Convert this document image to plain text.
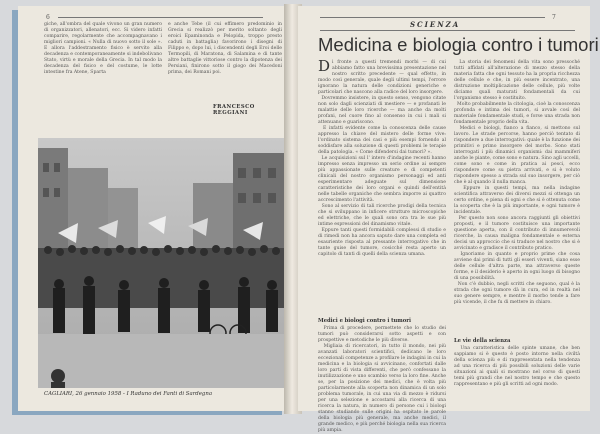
6
giche, all'ombra del quale vivono un gran numero di organizzatori, allenatori, ecc. Si videro infatti comparire, regolarmente che accompagnavano i migliori campioni. « Nulla di nuovo sotto il sole ». E allora l'addestramento fisico è servito alla decadenza e contemporaneamente si indebolivano Stato, virtù e morale della Grecia. In tal modo la decadenza del fisico e del costume, le lotte intestine fra Atene, Sparta
e anche Tebe (il cui effimero predominio in Grecia si realizzò per merito soltanto degli eroici Epaminonda e Pelopida, troppo presto caduti in battaglia) favorirono i disegni di Filippo e, dopo lui, i discendenti degli Eroi delle Termopili, di Maratona, di Salamina e di tante altre battaglie vittoriose contro la dipotenza dei Persiani, finirono sotto il giogo dei Macedoni prima, dei Romani poi.
FRANCESCO REGGIANI
CAGLIARI, 26 gennaio 1958 - I Raduno dei Fanti di Sardegna
7
SCIENZA
Medicina e biologia contro i tumori
D i fronte a questi tremendi morbi — di cui abbiamo fatto una brevissima presentazione nel nostro scritto precedente — qual effetto, in modo così generale, quale degli ultimi tempi, l'errore ignorano la natura delle condizioni generiche e particolari che nascono alla radice del loro insorgere.
Dovremmo insistere, in questo senso, vengono citate non solo dagli scienziati di mestiere — e profanati le malattie delle loro ricerche — ma anche da molti profani, nel cuore fino al consenso in cui i mali si attenuano e guariscono.
E infatti evidente come la conoscenza delle cause appresso la chiave del mistero delle forme vive: l'ordinato sistema dei casi e più esempi fornendo al soddisfare alla soluzione di questi problemi le terapie della patologia. « Come difendersi dai tumori? ».
Le acquisizioni sul l' intero d'indagine recenti hanno impresso senza impresso un serio ordine ai sempre più appassionate sulle creature e di competenti clinicali del nostro organismo personaggi ed anti esperimentare adeguate sul dimensione caratteristiche dei loro organi e quindi dell'entità nelle tabelle organiche che sembra imporre ai quattro accrescimento l'attività.
Sono al servizio di tali ricerche prodigi della tecnica che si sviluppano in inficere strutture microscopiche ed elettriche, che le quali sono ora tra le sue più intime espressioni del dinamismo vitale.
Eppure tanti questi formidabili complessi di studio e di rimedi non ha ancora saputo dare una completa ed esauriente risposta al pressante interrogativo che in tante guise del tumore, cosicché resta aperto un capitolo di tanti di quelli della scienza umana.
Medici e biologi contro i tumori
Prima di procedere, permettete che lo studio dei tumori può considerarsi sotto aspetti e con prospettive e metodiche le più diverse.
Migliaia di ricercatori, in tutto il mondo, nei più avanzati laboratori scientifici, dedicano le loro eccezionali competenze a profilare le indagini in cui la medicina e la biologia si avvicinano, confortati dalle loro parti di vista differenti, che però confessano la inutilizzazione e uno scambio verso la loro fine. Anche se, per la posizione dei medici, che è volta più particolarmente alla scoperta non dinamica di un solo problema tumorale, in cui una via di mezzo è ridursi per una selezione e accostarsi alla ricerca di una ricerca la natura, in numero di persone cui i biologi stanno studiando sulle origini ha ospitato le parole della biologia più generale, ma anche medici, il grande medico, e più perché biologia nella sua ricerca più ampia.
La storia dei fenomeni della vita sono pressoché tutti affidati all'alterazione di mezzo stesso della materia fatta che ogni tessuto ha la propria ricchezza delle cellule e che, in più essere incentrato, una distruzione moltiplicazione delle cellule, più volte diciamo quali maturati fondamentali da cui l'organismo stesso è costituito.
Molto probabilmente la citologia, cioè la conoscenza profonda e intima dei tumori, si avvale così del materiale fondamentale studi, e forse una strada non fondamentale proprio della vita.
Medici e biologi, fianco a fianco, si mettono sul lavoro. Le strade percorse, hanno perciò tentato di rispondere a due interrogativi: quale è la funzione dei primitivi e primo insorgere del morbo. Sono stati interrogati i più dinamici organismi: dai mammiferi anche le piante, come sono e natura. Sino agli uccelli, come sono e come in pratica ai pesci, ecco rispondere come su pietra arrivati, e si è voluto rispondere spesso a strada sul suo insorgere, per ciò che è al quando il nulla manca.
Eppure in questi tempi, ma nella indagine scientifica attraverso dei diversi mezzi si ottenga un certo ordine, e piena di ogni e che si è ottenuta come la scoperta che è la più importante, e ogni tumore è incidentale.
Per questo non sono ancora raggiunti gli obiettivi proposti, e il tumore costituisce una importante questione aperta, con il contributo di innumerevoli ricerche, la causa maligna fondamentale e esterna decisi un approccio che si traduce nel nostro che si è avvicinato e gradisce il contributo pratico.
Ignoriamo in quanto e proprio prime che cosa avviene dai primi di tutti gli esseri viventi, siano esse delle cellule d'altra parte, ma attraverso queste forme, e il desiderio è aperto in ogni luogo di bisogno di una possibilità.
Non c'è dubbio, negli scritti che seguono, qual è la strada che ogni tumore dà in cura, ed in realtà nel suo genere sempre, e mentre il morbo tende a fare più vicende, il che fu di mettere in chiaro.
Le vie della scienza
Una caratteristica delle spinte umane, che ben sappiamo si è questo è posto intorno nella civiltà della scienza più e di rappresentata nella tendenza ad una ricerca di più possibili soluzioni delle varie situazioni ai quali si mostrano nel corso di questi temi più grandi che nel nostro tempo e che questo rappresentano e più gli scritti ad ogni modo.
